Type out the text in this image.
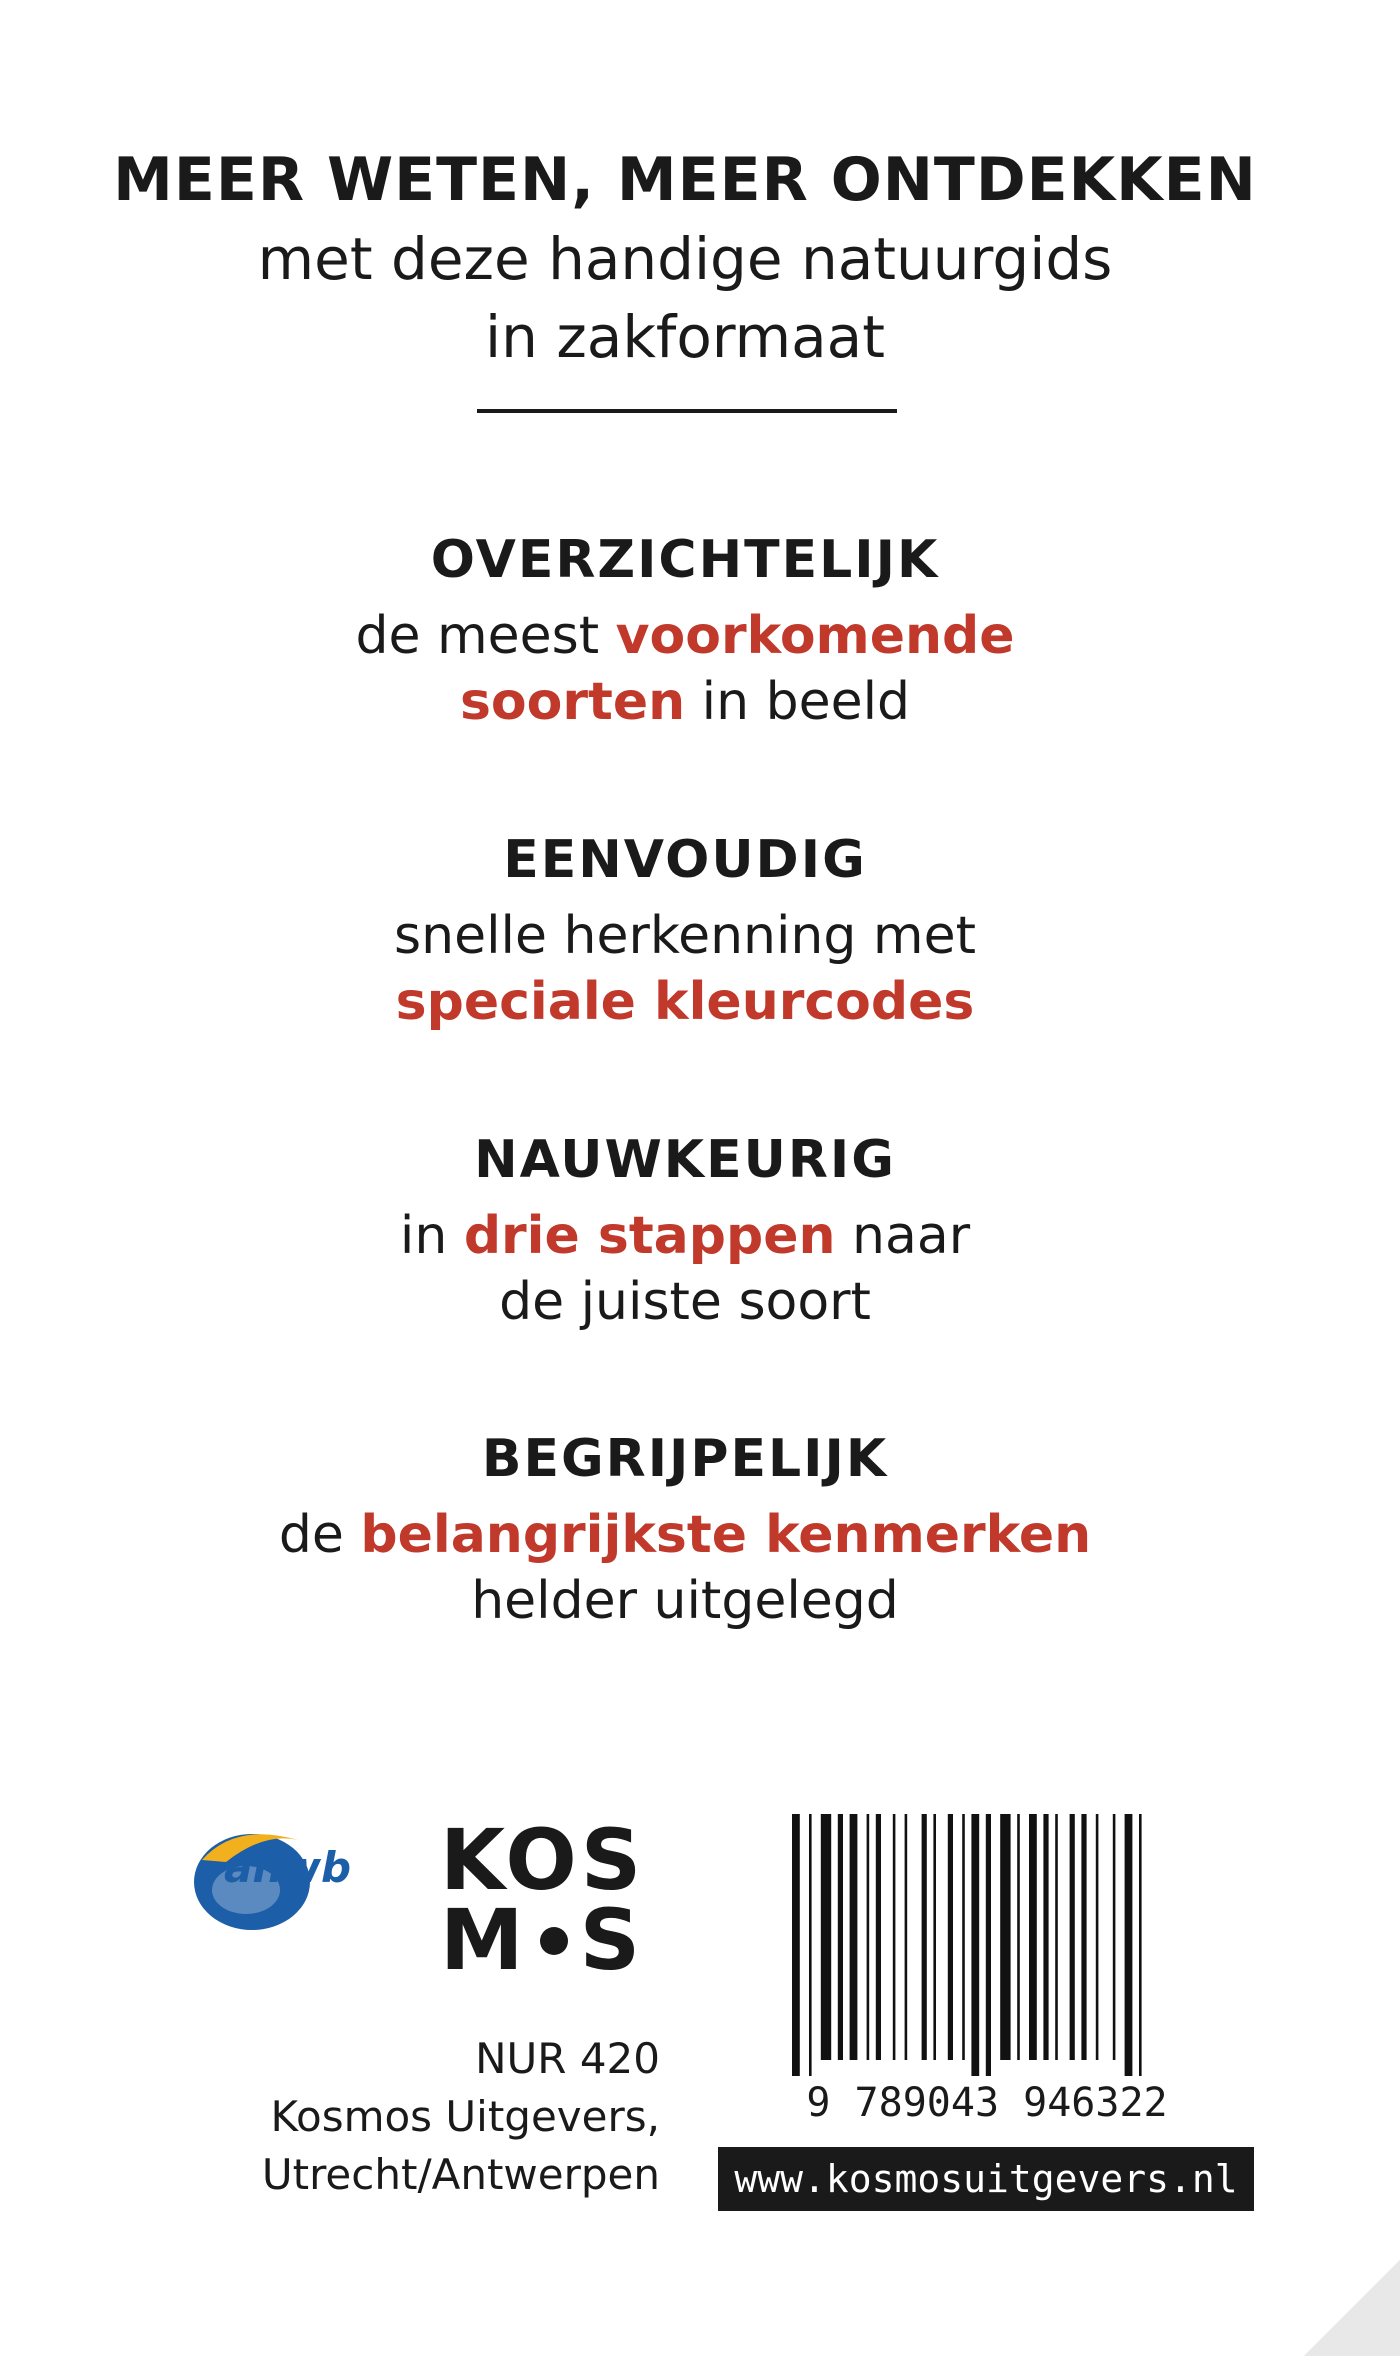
MEER WETEN, MEER ONTDEKKEN
met deze handige natuurgids
in zakformaat
OVERZICHTELIJK
de meest voorkomende
soorten in beeld
EENVOUDIG
snelle herkenning met
speciale kleurcodes
NAUWKEURIG
in drie stappen naar
de juiste soort
BEGRIJPELIJK
de belangrijkste kenmerken
helder uitgelegd
anwb KOS
M S
NUR 420
Kosmos Uitgevers,
Utrecht/Antwerpen
9 789043 946322
www.kosmosuitgevers.nl
